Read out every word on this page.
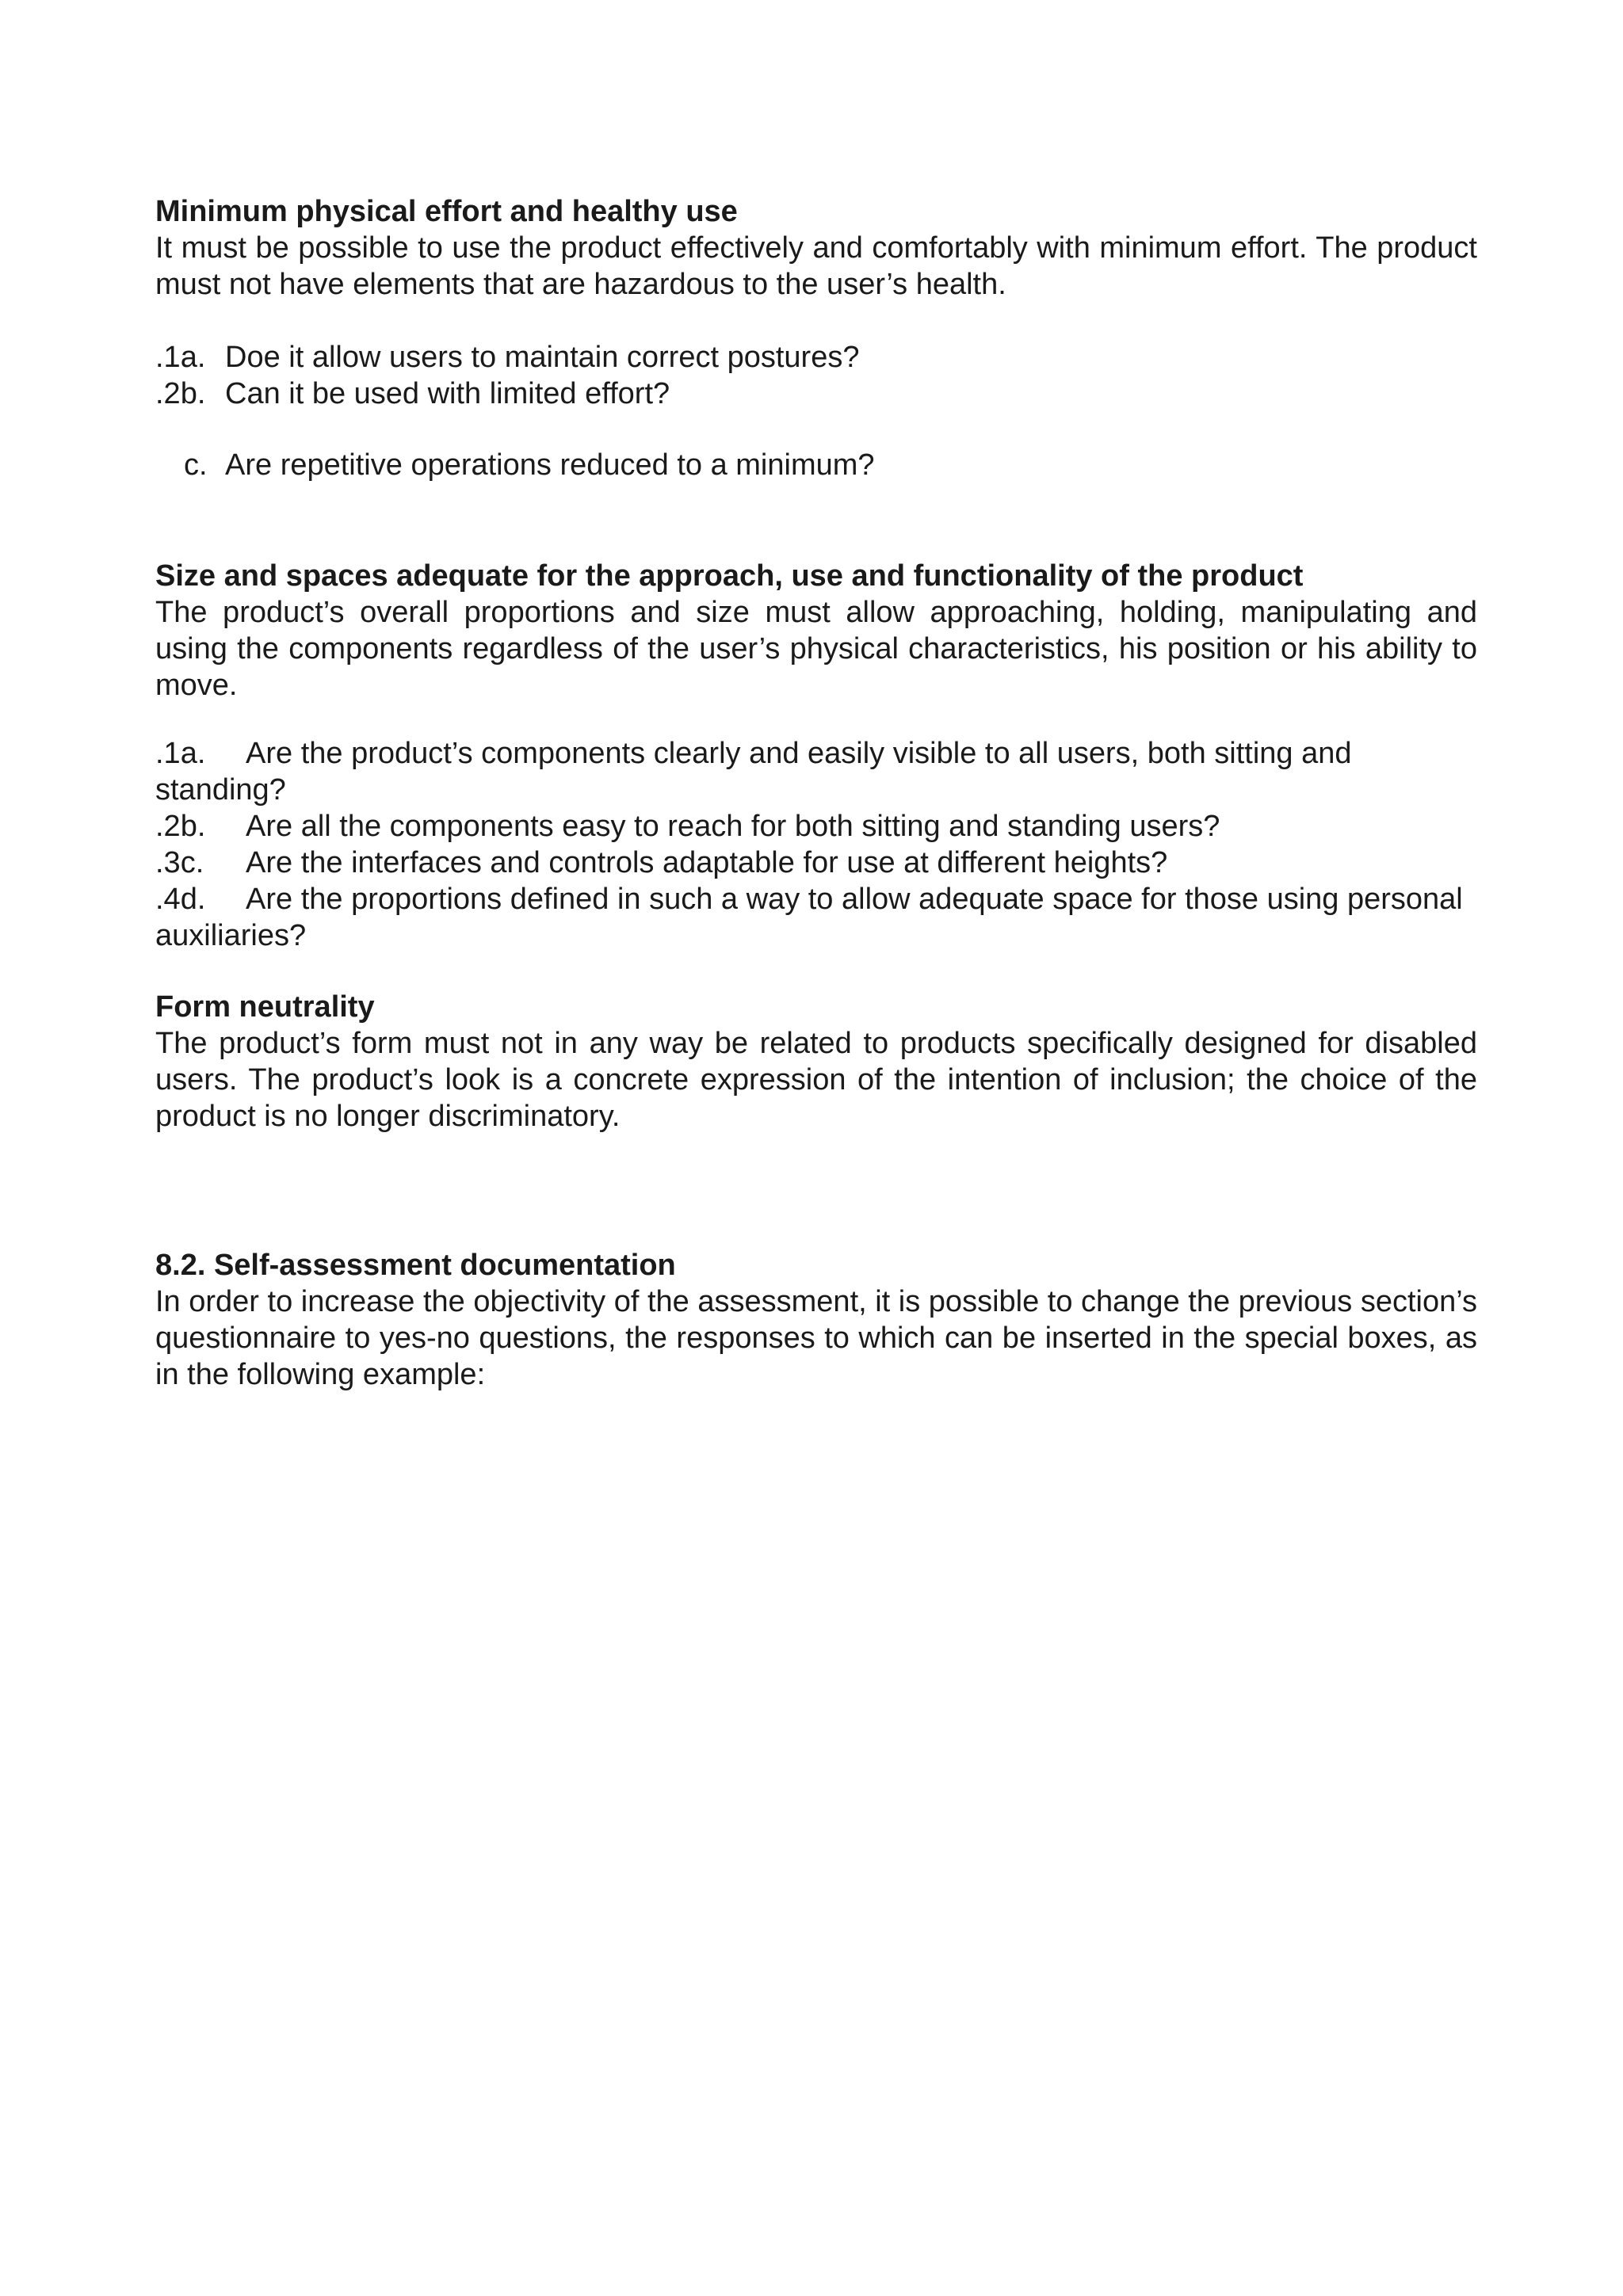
Minimum physical effort and healthy use

It must be possible to use the product effectively and comfortably with minimum effort. The product must not have elements that are hazardous to the user’s health.

.1a. Doe it allow users to maintain correct postures?
.2b. Can it be used with limited effort?
c. Are repetitive operations reduced to a minimum?

Size and spaces adequate for the approach, use and functionality of the product

The product’s overall proportions and size must allow approaching, holding, manipulating and using the components regardless of the user’s physical characteristics, his position or his ability to move.

.1a. Are the product’s components clearly and easily visible to all users, both sitting and standing?
.2b. Are all the components easy to reach for both sitting and standing users?
.3c. Are the interfaces and controls adaptable for use at different heights?
.4d. Are the proportions defined in such a way to allow adequate space for those using personal auxiliaries?

Form neutrality

The product’s form must not in any way be related to products specifically designed for disabled users. The product’s look is a concrete expression of the intention of inclusion; the choice of the product is no longer discriminatory.

8.2. Self-assessment documentation

In order to increase the objectivity of the assessment, it is possible to change the previous section’s questionnaire to yes-no questions, the responses to which can be inserted in the special boxes, as in the following example:
